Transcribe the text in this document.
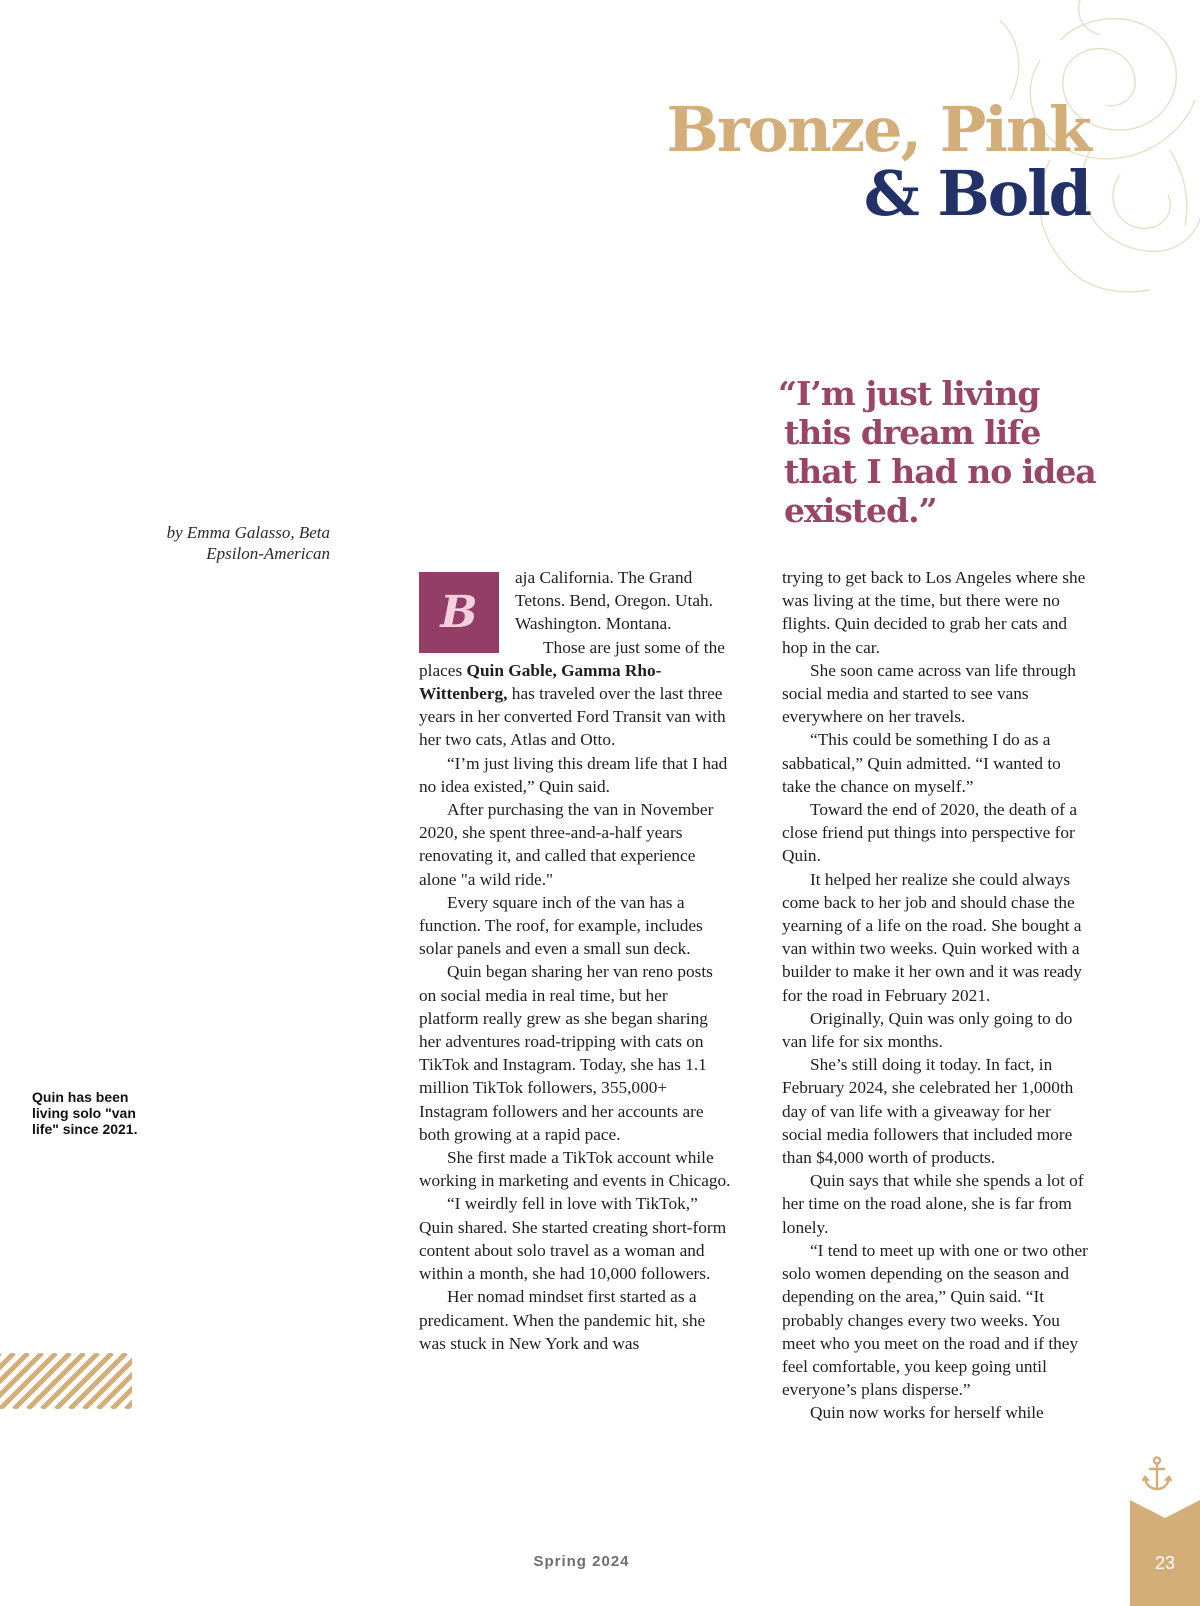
Bronze, Pink
& Bold
“I’m just living
this dream life
that I had no idea
existed.”
by Emma Galasso, Beta
Epsilon-American
Quin has been living solo "van life" since 2021.
B

aja California. The Grand Tetons. Bend, Oregon. Utah. Washington. Montana.

Those are just some of the places Quin Gable, Gamma Rho-Wittenberg, has traveled over the last three years in her converted Ford Transit van with her two cats, Atlas and Otto.

“I’m just living this dream life that I had no idea existed,” Quin said.

After purchasing the van in November 2020, she spent three-and-a-half years renovating it, and called that experience alone "a wild ride."

Every square inch of the van has a function. The roof, for example, includes solar panels and even a small sun deck.

Quin began sharing her van reno posts on social media in real time, but her platform really grew as she began sharing her adventures road-tripping with cats on TikTok and Instagram. Today, she has 1.1 million TikTok followers, 355,000+ Instagram followers and her accounts are both growing at a rapid pace.

She first made a TikTok account while working in marketing and events in Chicago.

“I weirdly fell in love with TikTok,” Quin shared. She started creating short-form content about solo travel as a woman and within a month, she had 10,000 followers.

Her nomad mindset first started as a predicament. When the pandemic hit, she was stuck in New York and was

trying to get back to Los Angeles where she was living at the time, but there were no flights. Quin decided to grab her cats and hop in the car.

She soon came across van life through social media and started to see vans everywhere on her travels.

“This could be something I do as a sabbatical,” Quin admitted. “I wanted to take the chance on myself.”

Toward the end of 2020, the death of a close friend put things into perspective for Quin.

It helped her realize she could always come back to her job and should chase the yearning of a life on the road. She bought a van within two weeks. Quin worked with a builder to make it her own and it was ready for the road in February 2021.

Originally, Quin was only going to do van life for six months.

She’s still doing it today. In fact, in February 2024, she celebrated her 1,000th day of van life with a giveaway for her social media followers that included more than $4,000 worth of products.

Quin says that while she spends a lot of her time on the road alone, she is far from lonely.

“I tend to meet up with one or two other solo women depending on the season and depending on the area,” Quin said. “It probably changes every two weeks. You meet who you meet on the road and if they feel comfortable, you keep going until everyone’s plans disperse.”

Quin now works for herself while

23
Spring 2024
